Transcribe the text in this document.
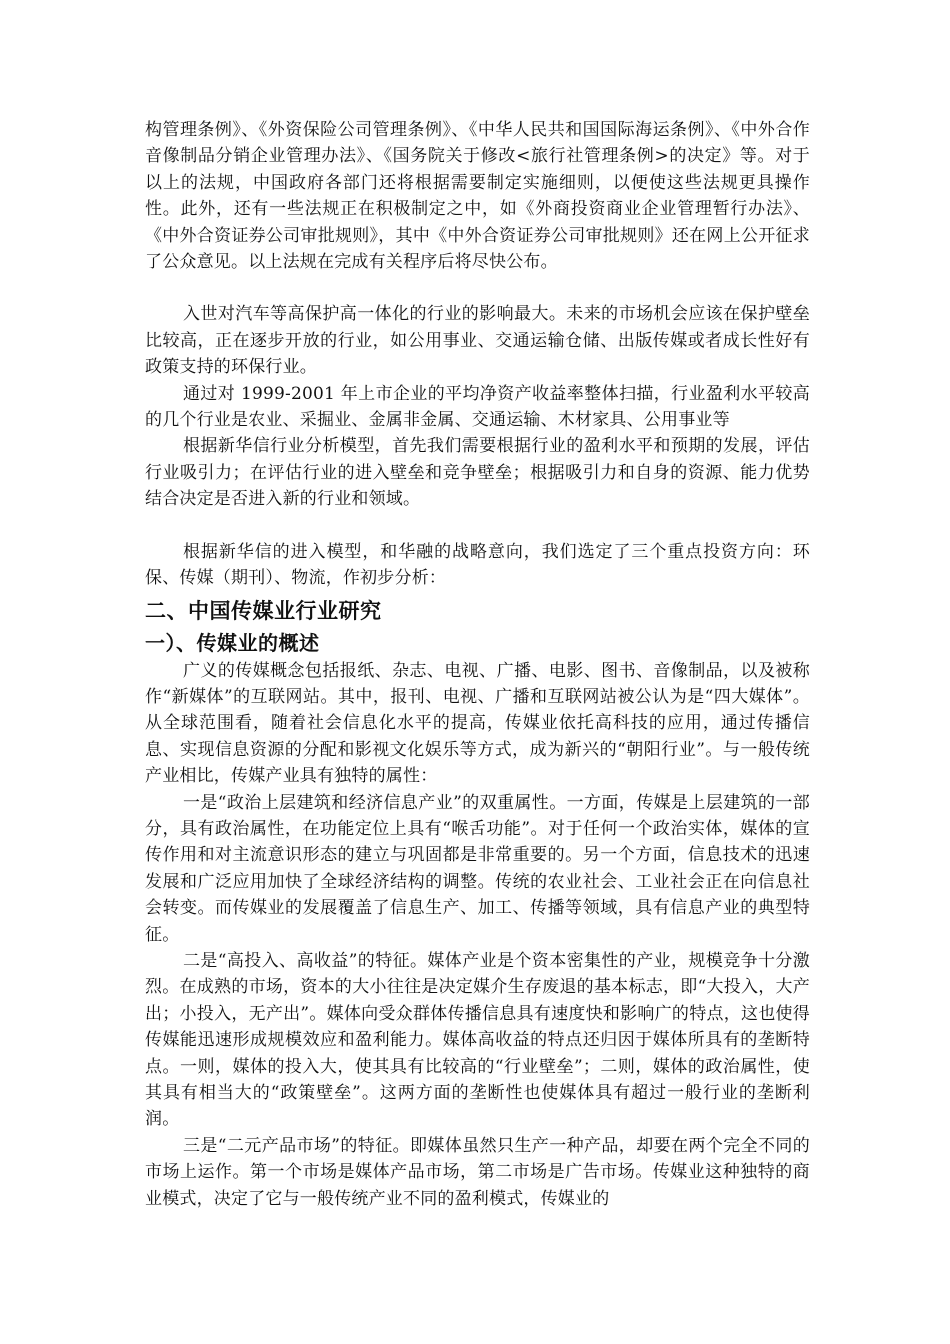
构管理条例》、《外资保险公司管理条例》、《中华人民共和国国际海运条例》、《中外合作音像制品分销企业管理办法》、《国务院关于修改<旅行社管理条例>的决定》等。对于以上的法规，中国政府各部门还将根据需要制定实施细则，以便使这些法规更具操作性。此外，还有一些法规正在积极制定之中，如《外商投资商业企业管理暂行办法》、《中外合资证券公司审批规则》，其中《中外合资证券公司审批规则》还在网上公开征求了公众意见。以上法规在完成有关程序后将尽快公布。

入世对汽车等高保护高一体化的行业的影响最大。未来的市场机会应该在保护壁垒比较高，正在逐步开放的行业，如公用事业、交通运输仓储、出版传媒或者成长性好有政策支持的环保行业。

通过对 1999-2001 年上市企业的平均净资产收益率整体扫描，行业盈利水平较高的几个行业是农业、采掘业、金属非金属、交通运输、木材家具、公用事业等

根据新华信行业分析模型，首先我们需要根据行业的盈利水平和预期的发展，评估行业吸引力；在评估行业的进入壁垒和竞争壁垒；根据吸引力和自身的资源、能力优势结合决定是否进入新的行业和领域。

根据新华信的进入模型，和华融的战略意向，我们选定了三个重点投资方向：环保、传媒（期刊）、物流，作初步分析：

二、中国传媒业行业研究
一）、传媒业的概述

广义的传媒概念包括报纸、杂志、电视、广播、电影、图书、音像制品，以及被称作“新媒体”的互联网站。其中，报刊、电视、广播和互联网站被公认为是“四大媒体”。从全球范围看，随着社会信息化水平的提高，传媒业依托高科技的应用，通过传播信息、实现信息资源的分配和影视文化娱乐等方式，成为新兴的“朝阳行业”。与一般传统产业相比，传媒产业具有独特的属性：

一是“政治上层建筑和经济信息产业”的双重属性。一方面，传媒是上层建筑的一部分，具有政治属性，在功能定位上具有“喉舌功能”。对于任何一个政治实体，媒体的宣传作用和对主流意识形态的建立与巩固都是非常重要的。另一个方面，信息技术的迅速发展和广泛应用加快了全球经济结构的调整。传统的农业社会、工业社会正在向信息社会转变。而传媒业的发展覆盖了信息生产、加工、传播等领域，具有信息产业的典型特征。

二是“高投入、高收益”的特征。媒体产业是个资本密集性的产业，规模竞争十分激烈。在成熟的市场，资本的大小往往是决定媒介生存废退的基本标志，即“大投入，大产出；小投入，无产出”。媒体向受众群体传播信息具有速度快和影响广的特点，这也使得传媒能迅速形成规模效应和盈利能力。媒体高收益的特点还归因于媒体所具有的垄断特点。一则，媒体的投入大，使其具有比较高的“行业壁垒”；二则，媒体的政治属性，使其具有相当大的“政策壁垒”。这两方面的垄断性也使媒体具有超过一般行业的垄断利润。

三是“二元产品市场”的特征。即媒体虽然只生产一种产品，却要在两个完全不同的市场上运作。第一个市场是媒体产品市场，第二市场是广告市场。传媒业这种独特的商业模式，决定了它与一般传统产业不同的盈利模式，传媒业的
